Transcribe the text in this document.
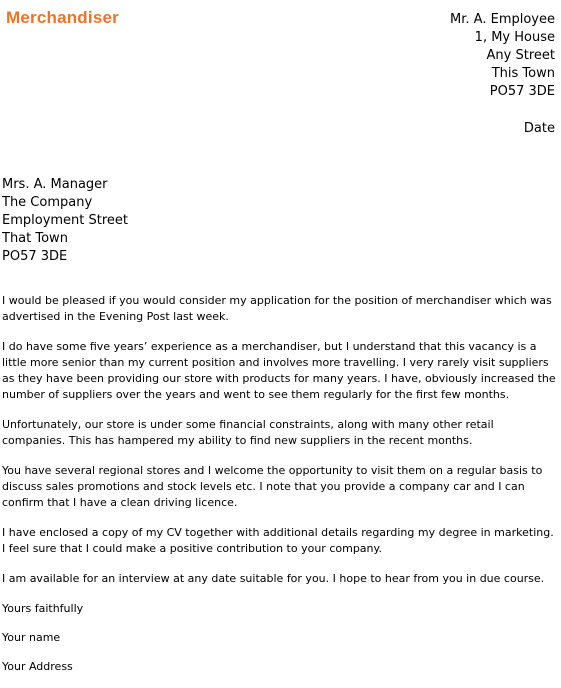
Merchandiser	Mr. A. Employee
1, My House
Any Street
This Town
PO57 3DE
Date
Mrs. A. Manager
The Company
Employment Street
That Town
PO57 3DE

I would be pleased if you would consider my application for the position of merchandiser which was advertised in the Evening Post last week.

I do have some five years’ experience as a merchandiser, but I understand that this vacancy is a little more senior than my current position and involves more travelling. I very rarely visit suppliers as they have been providing our store with products for many years. I have, obviously increased the number of suppliers over the years and went to see them regularly for the first few months.

Unfortunately, our store is under some financial constraints, along with many other retail companies. This has hampered my ability to find new suppliers in the recent months.

You have several regional stores and I welcome the opportunity to visit them on a regular basis to discuss sales promotions and stock levels etc. I note that you provide a company car and I can confirm that I have a clean driving licence.

I have enclosed a copy of my CV together with additional details regarding my degree in marketing. I feel sure that I could make a positive contribution to your company.

I am available for an interview at any date suitable for you. I hope to hear from you in due course.

Yours faithfully

Your name

Your Address
